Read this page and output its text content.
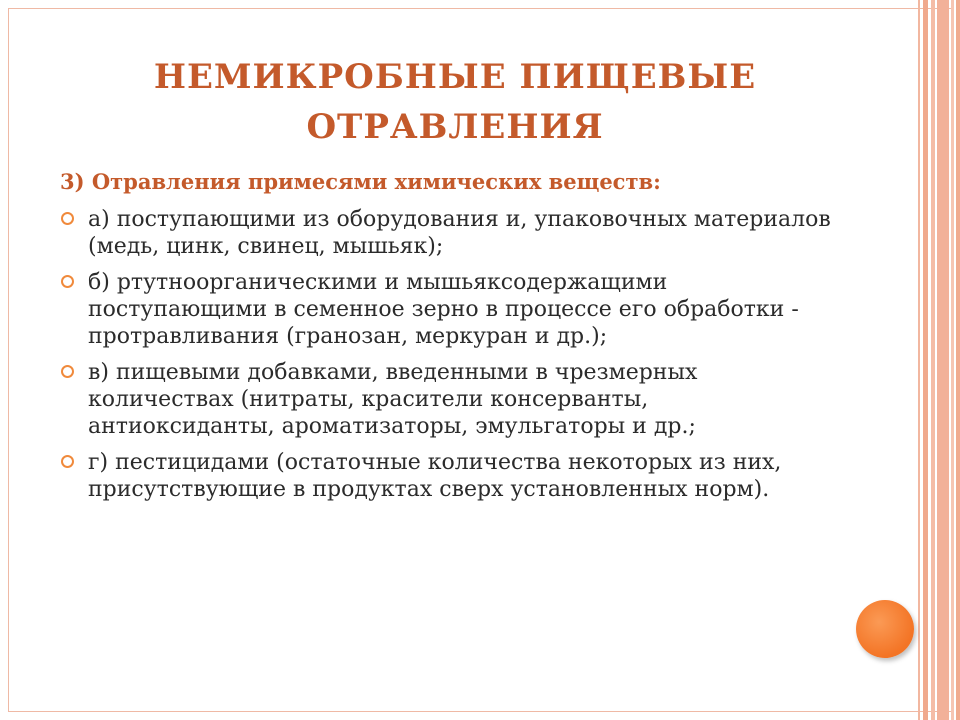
НЕМИКРОБНЫЕ ПИЩЕВЫЕ ОТРАВЛЕНИЯ

3) Отравления примесями химических веществ:

а) поступающими из оборудования и, упаковочных материалов (медь, цинк, свинец, мышьяк);
б) ртутноорганическими и мышьяксодержащими поступающими в семенное зерно в процессе его обработки - протравливания (гранозан, меркуран и др.);
в) пищевыми добавками, введенными в чрезмерных количествах (нитраты, красители консерванты, антиоксиданты, ароматизаторы, эмульгаторы и др.;
г) пестицидами (остаточные количества некоторых из них, присутствующие в продуктах сверх установленных норм).
